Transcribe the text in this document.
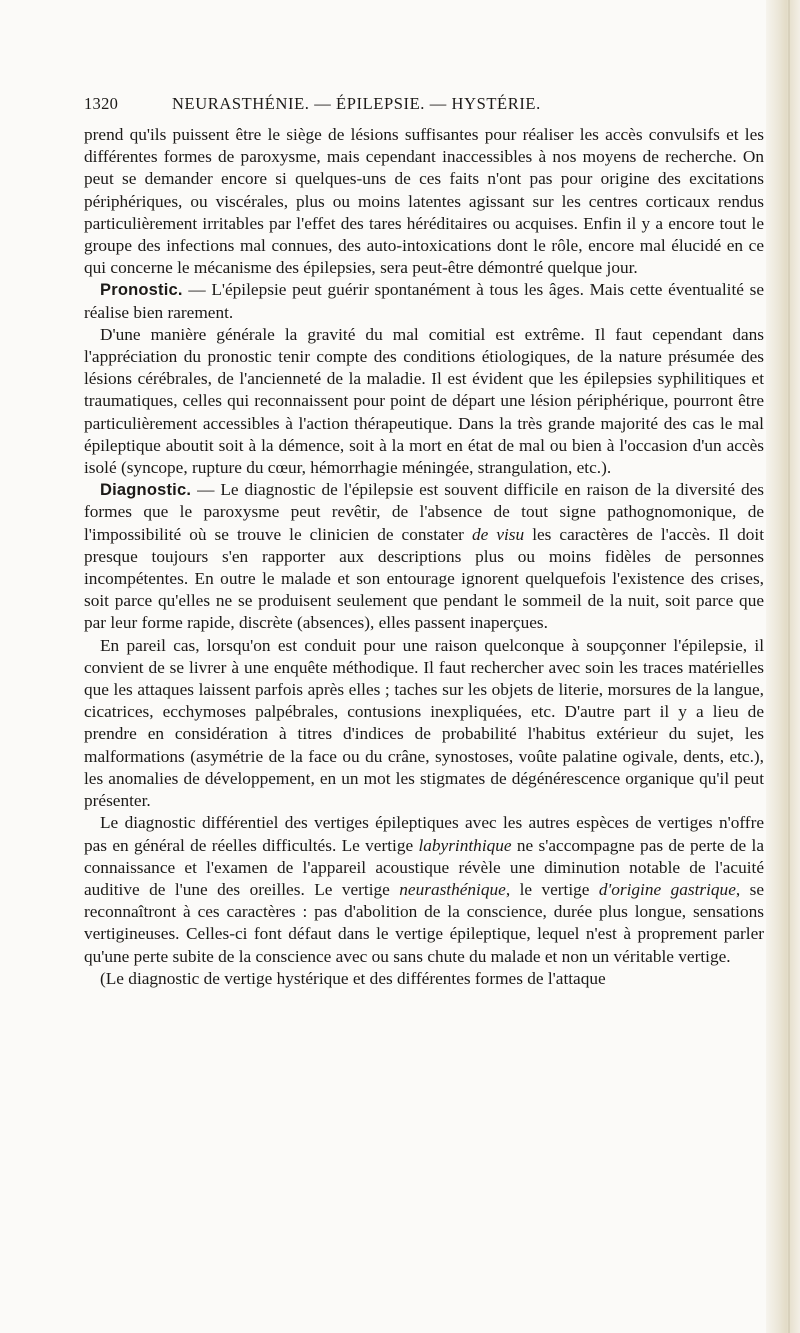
1320	NEURASTHÉNIE. — ÉPILEPSIE. — HYSTÉRIE.

prend qu'ils puissent être le siège de lésions suffisantes pour réaliser les accès convulsifs et les différentes formes de paroxysme, mais cependant inaccessibles à nos moyens de recherche. On peut se demander encore si quelques-uns de ces faits n'ont pas pour origine des excitations périphériques, ou viscérales, plus ou moins latentes agissant sur les centres corticaux rendus particulièrement irritables par l'effet des tares héréditaires ou acquises. Enfin il y a encore tout le groupe des infections mal connues, des auto-intoxications dont le rôle, encore mal élucidé en ce qui concerne le mécanisme des épilepsies, sera peut-être démontré quelque jour.

Pronostic. — L'épilepsie peut guérir spontanément à tous les âges. Mais cette éventualité se réalise bien rarement.

D'une manière générale la gravité du mal comitial est extrême. Il faut cependant dans l'appréciation du pronostic tenir compte des conditions étiologiques, de la nature présumée des lésions cérébrales, de l'ancienneté de la maladie. Il est évident que les épilepsies syphilitiques et traumatiques, celles qui reconnaissent pour point de départ une lésion périphérique, pourront être particulièrement accessibles à l'action thérapeutique. Dans la très grande majorité des cas le mal épileptique aboutit soit à la démence, soit à la mort en état de mal ou bien à l'occasion d'un accès isolé (syncope, rupture du cœur, hémorrhagie méningée, strangulation, etc.).

Diagnostic. — Le diagnostic de l'épilepsie est souvent difficile en raison de la diversité des formes que le paroxysme peut revêtir, de l'absence de tout signe pathognomonique, de l'impossibilité où se trouve le clinicien de constater de visu les caractères de l'accès. Il doit presque toujours s'en rapporter aux descriptions plus ou moins fidèles de personnes incompétentes. En outre le malade et son entourage ignorent quelquefois l'existence des crises, soit parce qu'elles ne se produisent seulement que pendant le sommeil de la nuit, soit parce que par leur forme rapide, discrète (absences), elles passent inaperçues.

En pareil cas, lorsqu'on est conduit pour une raison quelconque à soupçonner l'épilepsie, il convient de se livrer à une enquête méthodique. Il faut rechercher avec soin les traces matérielles que les attaques laissent parfois après elles ; taches sur les objets de literie, morsures de la langue, cicatrices, ecchymoses palpébrales, contusions inexpliquées, etc. D'autre part il y a lieu de prendre en considération à titres d'indices de probabilité l'habitus extérieur du sujet, les malformations (asymétrie de la face ou du crâne, synostoses, voûte palatine ogivale, dents, etc.), les anomalies de développement, en un mot les stigmates de dégénérescence organique qu'il peut présenter.

Le diagnostic différentiel des vertiges épileptiques avec les autres espèces de vertiges n'offre pas en général de réelles difficultés. Le vertige labyrinthique ne s'accompagne pas de perte de la connaissance et l'examen de l'appareil acoustique révèle une diminution notable de l'acuité auditive de l'une des oreilles. Le vertige neurasthénique, le vertige d'origine gastrique, se reconnaîtront à ces caractères : pas d'abolition de la conscience, durée plus longue, sensations vertigineuses. Celles-ci font défaut dans le vertige épileptique, lequel n'est à proprement parler qu'une perte subite de la conscience avec ou sans chute du malade et non un véritable vertige.

(Le diagnostic de vertige hystérique et des différentes formes de l'attaque
